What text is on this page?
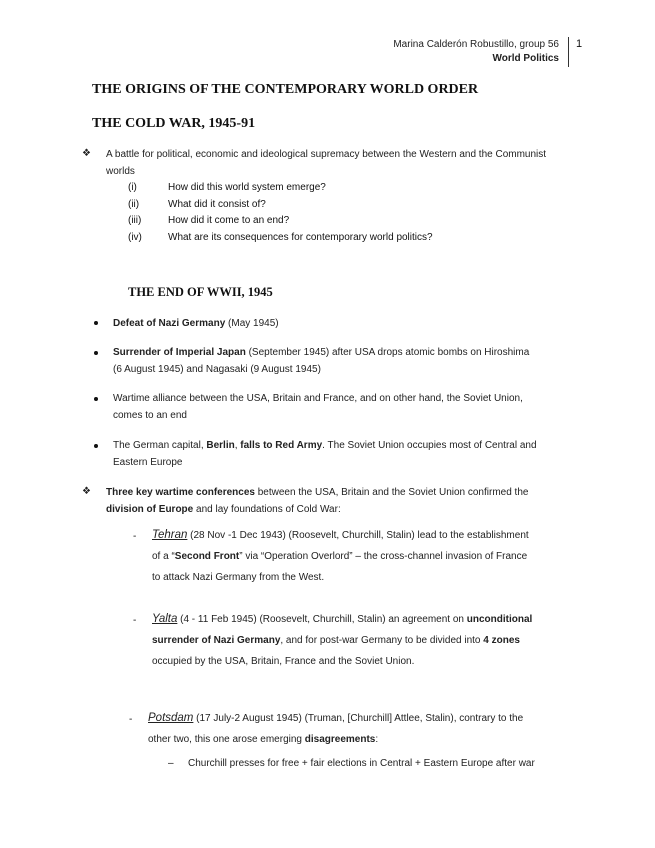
Marina Calderón Robustillo, group 56
World Politics
1
THE ORIGINS OF THE CONTEMPORARY WORLD ORDER
THE COLD WAR, 1945-91
❖ A battle for political, economic and ideological supremacy between the Western and the Communist
worlds
(i)	How did this world system emerge?
(ii)	What did it consist of?
(iii)	How did it come to an end?
(iv)	What are its consequences for contemporary world politics?
THE END OF WWII, 1945
Defeat of Nazi Germany (May 1945)
Surrender of Imperial Japan (September 1945) after USA drops atomic bombs on Hiroshima
(6 August 1945) and Nagasaki (9 August 1945)
Wartime alliance between the USA, Britain and France, and on other hand, the Soviet Union,
comes to an end
The German capital, Berlin, falls to Red Army. The Soviet Union occupies most of Central and
Eastern Europe
❖ Three key wartime conferences between the USA, Britain and the Soviet Union confirmed the
division of Europe and lay foundations of Cold War:
- Tehran (28 Nov -1 Dec 1943) (Roosevelt, Churchill, Stalin) lead to the establishment
of a “Second Front” via “Operation Overlord” – the cross-channel invasion of France
to attack Nazi Germany from the West.
- Yalta (4 - 11 Feb 1945) (Roosevelt, Churchill, Stalin) an agreement on unconditional
surrender of Nazi Germany, and for post-war Germany to be divided into 4 zones
occupied by the USA, Britain, France and the Soviet Union.
- Potsdam (17 July-2 August 1945) (Truman, [Churchill] Attlee, Stalin), contrary to the
other two, this one arose emerging disagreements:
– Churchill presses for free + fair elections in Central + Eastern Europe after war
